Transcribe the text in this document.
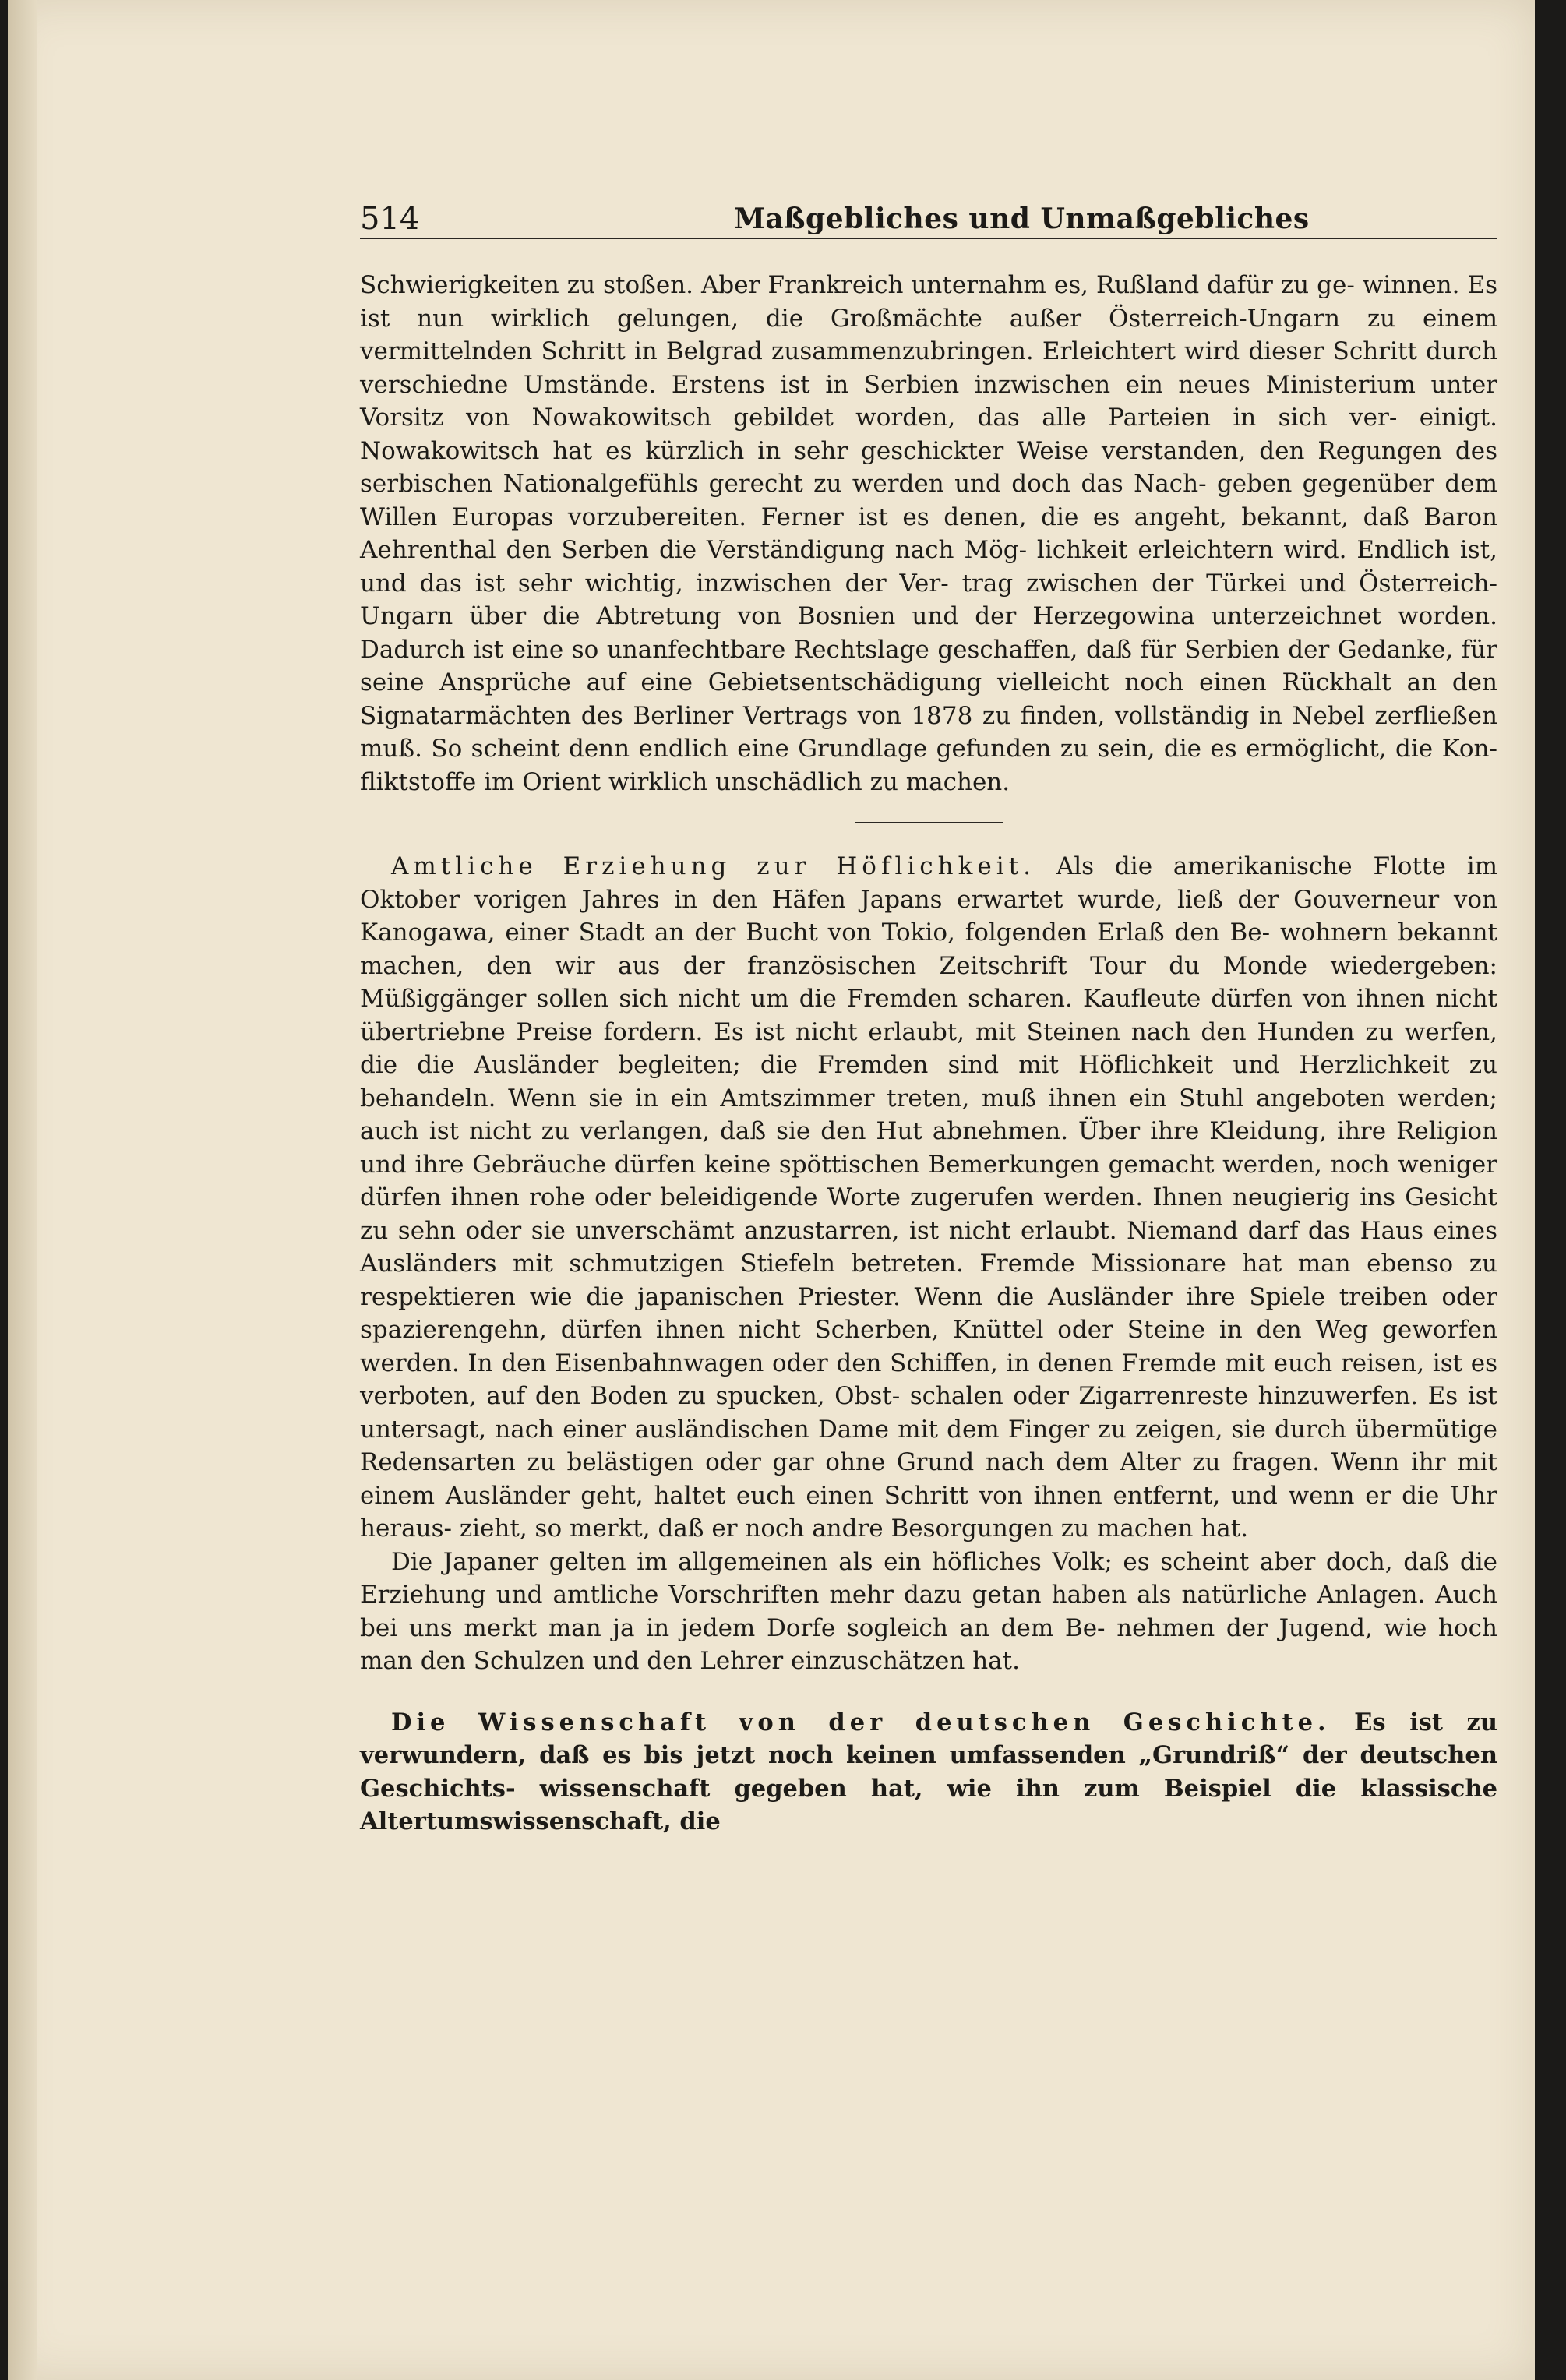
514	Maßgebliches und Unmaßgebliches

Schwierigkeiten zu stoßen. Aber Frankreich unternahm es, Rußland dafür zu ge- winnen. Es ist nun wirklich gelungen, die Großmächte außer Österreich-Ungarn zu einem vermittelnden Schritt in Belgrad zusammenzubringen. Erleichtert wird dieser Schritt durch verschiedne Umstände. Erstens ist in Serbien inzwischen ein neues Ministerium unter Vorsitz von Nowakowitsch gebildet worden, das alle Parteien in sich ver- einigt. Nowakowitsch hat es kürzlich in sehr geschickter Weise verstanden, den Regungen des serbischen Nationalgefühls gerecht zu werden und doch das Nach- geben gegenüber dem Willen Europas vorzubereiten. Ferner ist es denen, die es angeht, bekannt, daß Baron Aehrenthal den Serben die Verständigung nach Mög- lichkeit erleichtern wird. Endlich ist, und das ist sehr wichtig, inzwischen der Ver- trag zwischen der Türkei und Österreich-Ungarn über die Abtretung von Bosnien und der Herzegowina unterzeichnet worden. Dadurch ist eine so unanfechtbare Rechtslage geschaffen, daß für Serbien der Gedanke, für seine Ansprüche auf eine Gebietsentschädigung vielleicht noch einen Rückhalt an den Signatarmächten des Berliner Vertrags von 1878 zu finden, vollständig in Nebel zerfließen muß. So scheint denn endlich eine Grundlage gefunden zu sein, die es ermöglicht, die Kon- fliktstoffe im Orient wirklich unschädlich zu machen.

Amtliche Erziehung zur Höflichkeit. Als die amerikanische Flotte im Oktober vorigen Jahres in den Häfen Japans erwartet wurde, ließ der Gouverneur von Kanogawa, einer Stadt an der Bucht von Tokio, folgenden Erlaß den Be- wohnern bekannt machen, den wir aus der französischen Zeitschrift Tour du Monde wiedergeben: Müßiggänger sollen sich nicht um die Fremden scharen. Kaufleute dürfen von ihnen nicht übertriebne Preise fordern. Es ist nicht erlaubt, mit Steinen nach den Hunden zu werfen, die die Ausländer begleiten; die Fremden sind mit Höflichkeit und Herzlichkeit zu behandeln. Wenn sie in ein Amtszimmer treten, muß ihnen ein Stuhl angeboten werden; auch ist nicht zu verlangen, daß sie den Hut abnehmen. Über ihre Kleidung, ihre Religion und ihre Gebräuche dürfen keine spöttischen Bemerkungen gemacht werden, noch weniger dürfen ihnen rohe oder beleidigende Worte zugerufen werden. Ihnen neugierig ins Gesicht zu sehn oder sie unverschämt anzustarren, ist nicht erlaubt. Niemand darf das Haus eines Ausländers mit schmutzigen Stiefeln betreten. Fremde Missionare hat man ebenso zu respektieren wie die japanischen Priester. Wenn die Ausländer ihre Spiele treiben oder spazierengehn, dürfen ihnen nicht Scherben, Knüttel oder Steine in den Weg geworfen werden. In den Eisenbahnwagen oder den Schiffen, in denen Fremde mit euch reisen, ist es verboten, auf den Boden zu spucken, Obst- schalen oder Zigarrenreste hinzuwerfen. Es ist untersagt, nach einer ausländischen Dame mit dem Finger zu zeigen, sie durch übermütige Redensarten zu belästigen oder gar ohne Grund nach dem Alter zu fragen. Wenn ihr mit einem Ausländer geht, haltet euch einen Schritt von ihnen entfernt, und wenn er die Uhr heraus- zieht, so merkt, daß er noch andre Besorgungen zu machen hat.

Die Japaner gelten im allgemeinen als ein höfliches Volk; es scheint aber doch, daß die Erziehung und amtliche Vorschriften mehr dazu getan haben als natürliche Anlagen. Auch bei uns merkt man ja in jedem Dorfe sogleich an dem Be- nehmen der Jugend, wie hoch man den Schulzen und den Lehrer einzuschätzen hat.

Die Wissenschaft von der deutschen Geschichte. Es ist zu verwundern, daß es bis jetzt noch keinen umfassenden „Grundriß“ der deutschen Geschichts- wissenschaft gegeben hat, wie ihn zum Beispiel die klassische Altertumswissenschaft, die
